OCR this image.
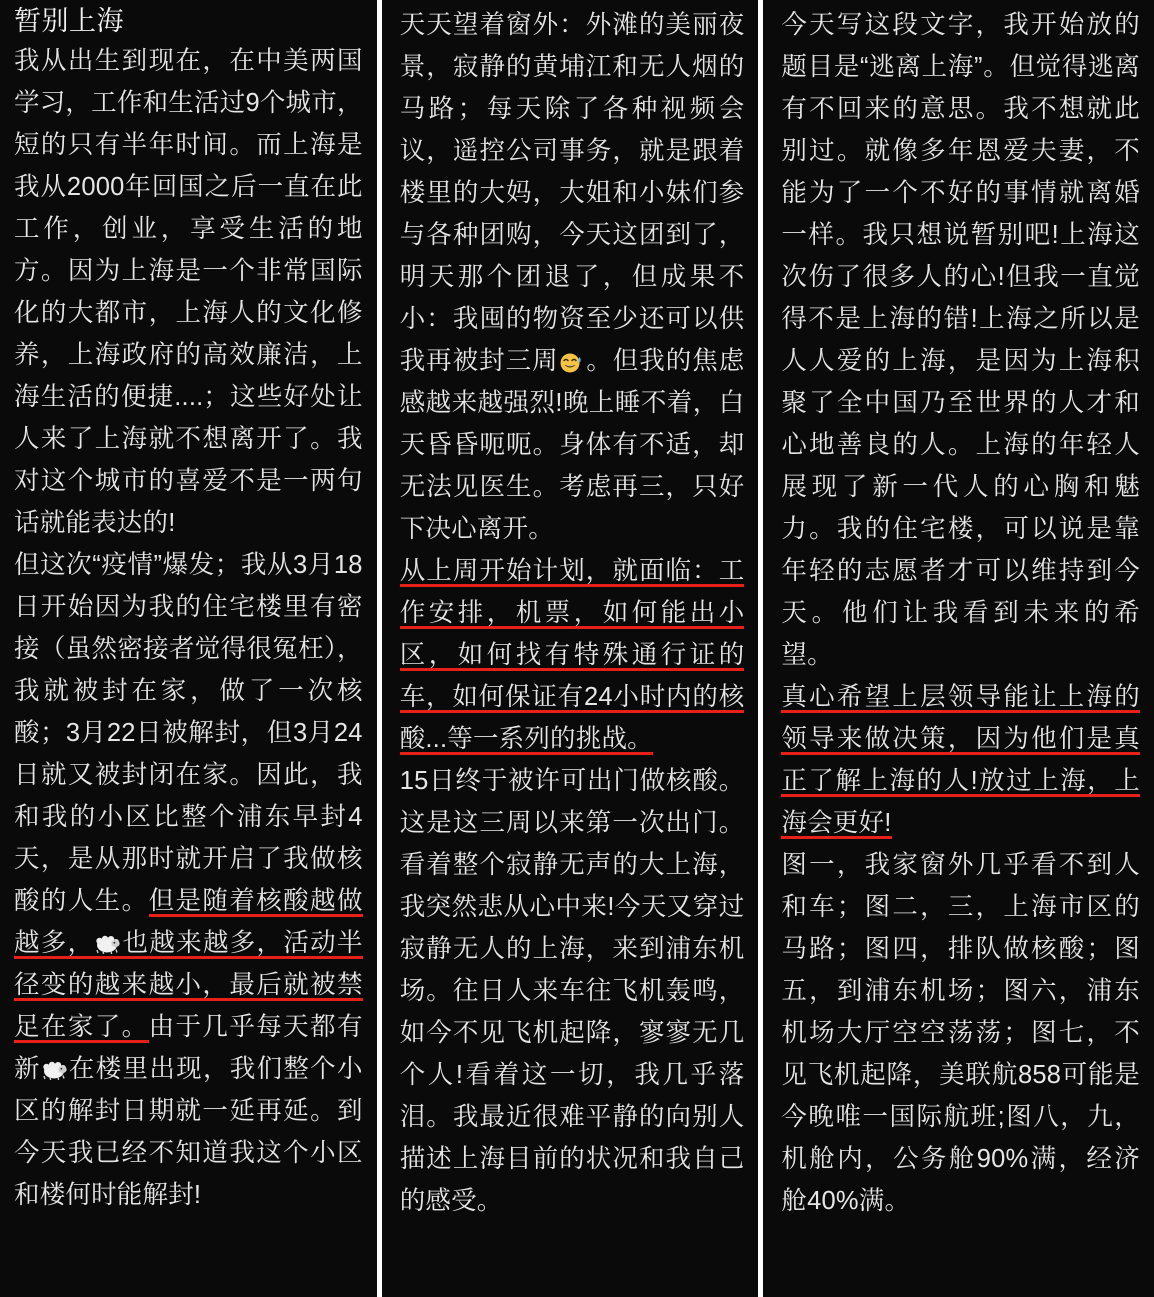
暂别上海

我从出生到现在，在中美两国学习，工作和生活过9个城市，短的只有半年时间。而上海是我从2000年回国之后一直在此工作，创业，享受生活的地方。因为上海是一个非常国际化的大都市，上海人的文化修养，上海政府的高效廉洁，上海生活的便捷....；这些好处让人来了上海就不想离开了。我对这个城市的喜爱不是一两句话就能表达的!

但这次“疫情”爆发；我从3月18日开始因为我的住宅楼里有密接（虽然密接者觉得很冤枉），我就被封在家，做了一次核酸；3月22日被解封，但3月24日就又被封闭在家。因此，我和我的小区比整个浦东早封4天，是从那时就开启了我做核酸的人生。但是随着核酸越做越多， 也越来越多，活动半径变的越来越小，最后就被禁足在家了。由于几乎每天都有新 在楼里出现，我们整个小区的解封日期就一延再延。到今天我已经不知道我这个小区和楼何时能解封!

天天望着窗外：外滩的美丽夜景，寂静的黄埔江和无人烟的马路；每天除了各种视频会议，遥控公司事务，就是跟着楼里的大妈，大姐和小妹们参与各种团购，今天这团到了，明天那个团退了，但成果不小：我囤的物资至少还可以供我再被封三周 。但我的焦虑感越来越强烈!晚上睡不着，白天昏昏呃呃。身体有不适，却无法见医生。考虑再三，只好下决心离开。

从上周开始计划，就面临：工作安排，机票，如何能出小区，如何找有特殊通行证的车，如何保证有24小时内的核酸...等一系列的挑战。

15日终于被许可出门做核酸。这是这三周以来第一次出门。看着整个寂静无声的大上海，我突然悲从心中来!今天又穿过寂静无人的上海，来到浦东机场。往日人来车往飞机轰鸣，如今不见飞机起降，寥寥无几个人!看着这一切，我几乎落泪。我最近很难平静的向别人描述上海目前的状况和我自己的感受。

今天写这段文字，我开始放的题目是“逃离上海”。但觉得逃离有不回来的意思。我不想就此别过。就像多年恩爱夫妻，不能为了一个不好的事情就离婚一样。我只想说暂别吧!上海这次伤了很多人的心!但我一直觉得不是上海的错!上海之所以是人人爱的上海，是因为上海积聚了全中国乃至世界的人才和心地善良的人。上海的年轻人展现了新一代人的心胸和魅力。我的住宅楼，可以说是靠年轻的志愿者才可以维持到今天。他们让我看到未来的希望。

真心希望上层领导能让上海的领导来做决策，因为他们是真正了解上海的人!放过上海，上海会更好!

图一，我家窗外几乎看不到人和车；图二，三，上海市区的马路；图四，排队做核酸；图五，到浦东机场；图六，浦东机场大厅空空荡荡；图七，不见飞机起降，美联航858可能是今晚唯一国际航班;图八，九，机舱内，公务舱90%满，经济舱40%满。
